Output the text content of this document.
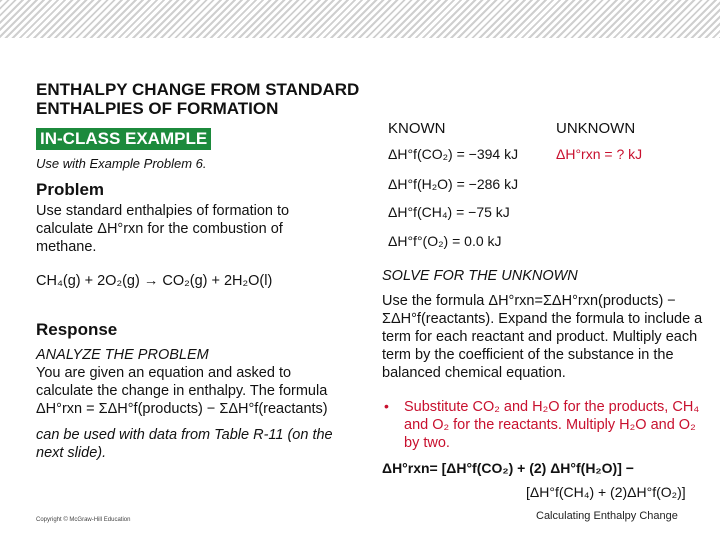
ENTHALPY CHANGE FROM STANDARD
ENTHALPIES OF FORMATION
IN-CLASS EXAMPLE
Use with Example Problem 6.
Problem
Use standard enthalpies of formation to calculate ΔH°rxn for the combustion of methane.
CH₄(g) + 2O₂(g) → CO₂(g) + 2H₂O(l)
Response
ANALYZE THE PROBLEM
You are given an equation and asked to calculate the change in enthalpy. The formula ΔH°rxn = ΣΔH°f(products) − ΣΔH°f(reactants)
can be used with data from Table R-11 (on the next slide).
KNOWN	UNKNOWN
ΔH°f(CO₂) = −394 kJ
ΔH°f(H₂O) = −286 kJ
ΔH°f(CH₄) = −75 kJ
ΔH°f°(O₂) = 0.0 kJ
ΔH°rxn = ? kJ
SOLVE FOR THE UNKNOWN
Use the formula ΔH°rxn=ΣΔH°rxn(products) − ΣΔH°f(reactants). Expand the formula to include a term for each reactant and product. Multiply each term by the coefficient of the substance in the balanced chemical equation.
• Substitute CO₂ and H₂O for the products, CH₄ and O₂ for the reactants. Multiply H₂O and O₂ by two.
ΔH°rxn= [ΔH°f(CO₂) + (2) ΔH°f(H₂O)] −
[ΔH°f(CH₄) + (2)ΔH°f(O₂)]
Copyright © McGraw-Hill Education	Calculating Enthalpy Change
